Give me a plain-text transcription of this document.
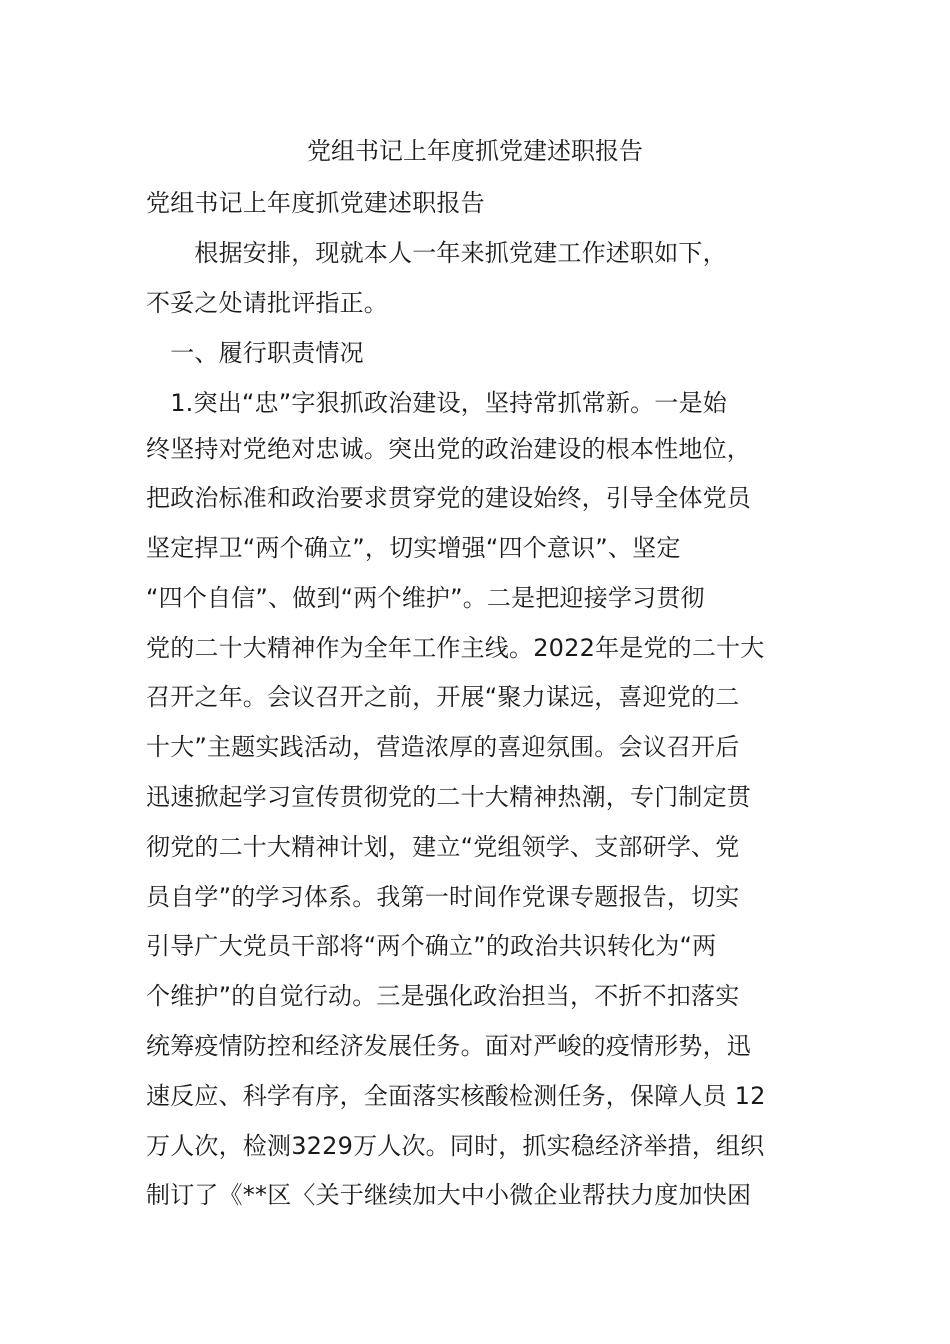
党组书记上年度抓党建述职报告
党组书记上年度抓党建述职报告
　　根据安排，现就本人一年来抓党建工作述职如下，
不妥之处请批评指正。
　一、履行职责情况
　1.突出“忠”字狠抓政治建设，坚持常抓常新。一是始
终坚持对党绝对忠诚。突出党的政治建设的根本性地位，
把政治标准和政治要求贯穿党的建设始终，引导全体党员
坚定捍卫“两个确立”，切实增强“四个意识”、坚定
“四个自信”、做到“两个维护”。二是把迎接学习贯彻
党的二十大精神作为全年工作主线。2022年是党的二十大
召开之年。会议召开之前，开展“聚力谋远，喜迎党的二
十大”主题实践活动，营造浓厚的喜迎氛围。会议召开后
迅速掀起学习宣传贯彻党的二十大精神热潮，专门制定贯
彻党的二十大精神计划，建立“党组领学、支部研学、党
员自学”的学习体系。我第一时间作党课专题报告，切实
引导广大党员干部将“两个确立”的政治共识转化为“两
个维护”的自觉行动。三是强化政治担当，不折不扣落实
统筹疫情防控和经济发展任务。面对严峻的疫情形势，迅
速反应、科学有序，全面落实核酸检测任务，保障人员 12
万人次，检测3229万人次。同时，抓实稳经济举措，组织
制订了《**区〈关于继续加大中小微企业帮扶力度加快困
